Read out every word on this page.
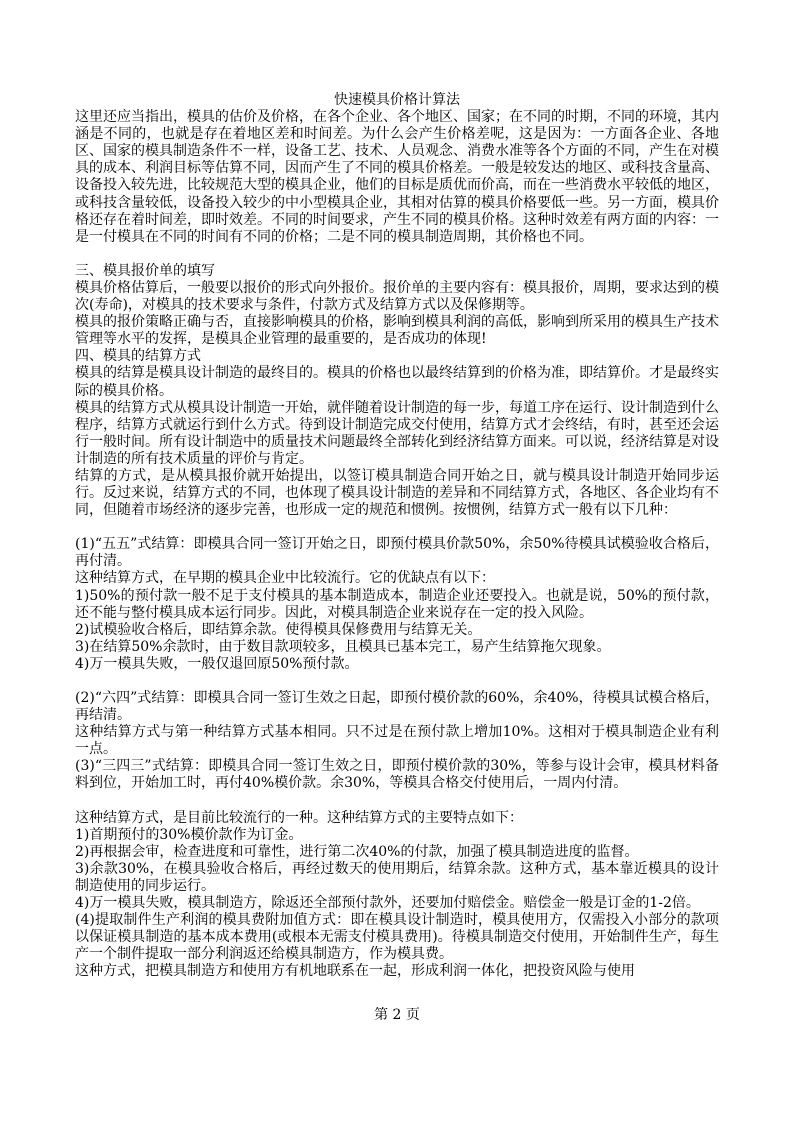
快速模具价格计算法
这里还应当指出，模具的估价及价格，在各个企业、各个地区、国家；在不同的时期，不同的环境，其内涵是不同的，也就是存在着地区差和时间差。为什么会产生价格差呢，这是因为：一方面各企业、各地区、国家的模具制造条件不一样，设备工艺、技术、人员观念、消费水准等各个方面的不同，产生在对模具的成本、利润目标等估算不同，因而产生了不同的模具价格差。一般是较发达的地区、或科技含量高、设备投入较先进，比较规范大型的模具企业，他们的目标是质优而价高，而在一些消费水平较低的地区，或科技含量较低，设备投入较少的中小型模具企业，其相对估算的模具价格要低一些。另一方面，模具价格还存在着时间差，即时效差。不同的时间要求，产生不同的模具价格。这种时效差有两方面的内容：一是一付模具在不同的时间有不同的价格；二是不同的模具制造周期，其价格也不同。
三、模具报价单的填写
模具价格估算后，一般要以报价的形式向外报价。报价单的主要内容有：模具报价，周期，要求达到的模次(寿命)，对模具的技术要求与条件，付款方式及结算方式以及保修期等。
模具的报价策略正确与否，直接影响模具的价格，影响到模具利润的高低，影响到所采用的模具生产技术管理等水平的发挥，是模具企业管理的最重要的，是否成功的体现!
四、模具的结算方式
模具的结算是模具设计制造的最终目的。模具的价格也以最终结算到的价格为准，即结算价。才是最终实际的模具价格。
模具的结算方式从模具设计制造一开始，就伴随着设计制造的每一步，每道工序在运行、设计制造到什么程序，结算方式就运行到什么方式。待到设计制造完成交付使用，结算方式才会终结，有时，甚至还会运行一般时间。所有设计制造中的质量技术问题最终全部转化到经济结算方面来。可以说，经济结算是对设计制造的所有技术质量的评价与肯定。
结算的方式，是从模具报价就开始提出，以签订模具制造合同开始之日，就与模具设计制造开始同步运行。反过来说，结算方式的不同，也体现了模具设计制造的差异和不同结算方式，各地区、各企业均有不同，但随着市场经济的逐步完善，也形成一定的规范和惯例。按惯例，结算方式一般有以下几种：
(1)“五五”式结算：即模具合同一签订开始之日，即预付模具价款50%，余50%待模具试模验收合格后，再付清。
这种结算方式，在早期的模具企业中比较流行。它的优缺点有以下：
1)50%的预付款一般不足于支付模具的基本制造成本，制造企业还要投入。也就是说，50%的预付款，还不能与整付模具成本运行同步。因此，对模具制造企业来说存在一定的投入风险。
2)试模验收合格后，即结算余款。使得模具保修费用与结算无关。
3)在结算50%余款时，由于数目款项较多，且模具已基本完工，易产生结算拖欠现象。
4)万一模具失败，一般仅退回原50%预付款。
(2)“六四”式结算：即模具合同一签订生效之日起，即预付模价款的60%，余40%，待模具试模合格后，再结清。
这种结算方式与第一种结算方式基本相同。只不过是在预付款上增加10%。这相对于模具制造企业有利一点。
(3)“三四三”式结算：即模具合同一签订生效之日，即预付模价款的30%，等参与设计会审，模具材料备料到位，开始加工时，再付40%模价款。余30%，等模具合格交付使用后，一周内付清。
这种结算方式，是目前比较流行的一种。这种结算方式的主要特点如下：
1)首期预付的30%模价款作为订金。
2)再根据会审，检查进度和可靠性，进行第二次40%的付款，加强了模具制造进度的监督。
3)余款30%，在模具验收合格后，再经过数天的使用期后，结算余款。这种方式，基本靠近模具的设计制造使用的同步运行。
4)万一模具失败，模具制造方，除返还全部预付款外，还要加付赔偿金。赔偿金一般是订金的1-2倍。
(4)提取制件生产利润的模具费附加值方式：即在模具设计制造时，模具使用方，仅需投入小部分的款项以保证模具制造的基本成本费用(或根本无需支付模具费用)。待模具制造交付使用，开始制件生产，每生产一个制件提取一部分利润返还给模具制造方，作为模具费。
这种方式，把模具制造方和使用方有机地联系在一起，形成利润一体化，把投资风险与使用
第 2 页
